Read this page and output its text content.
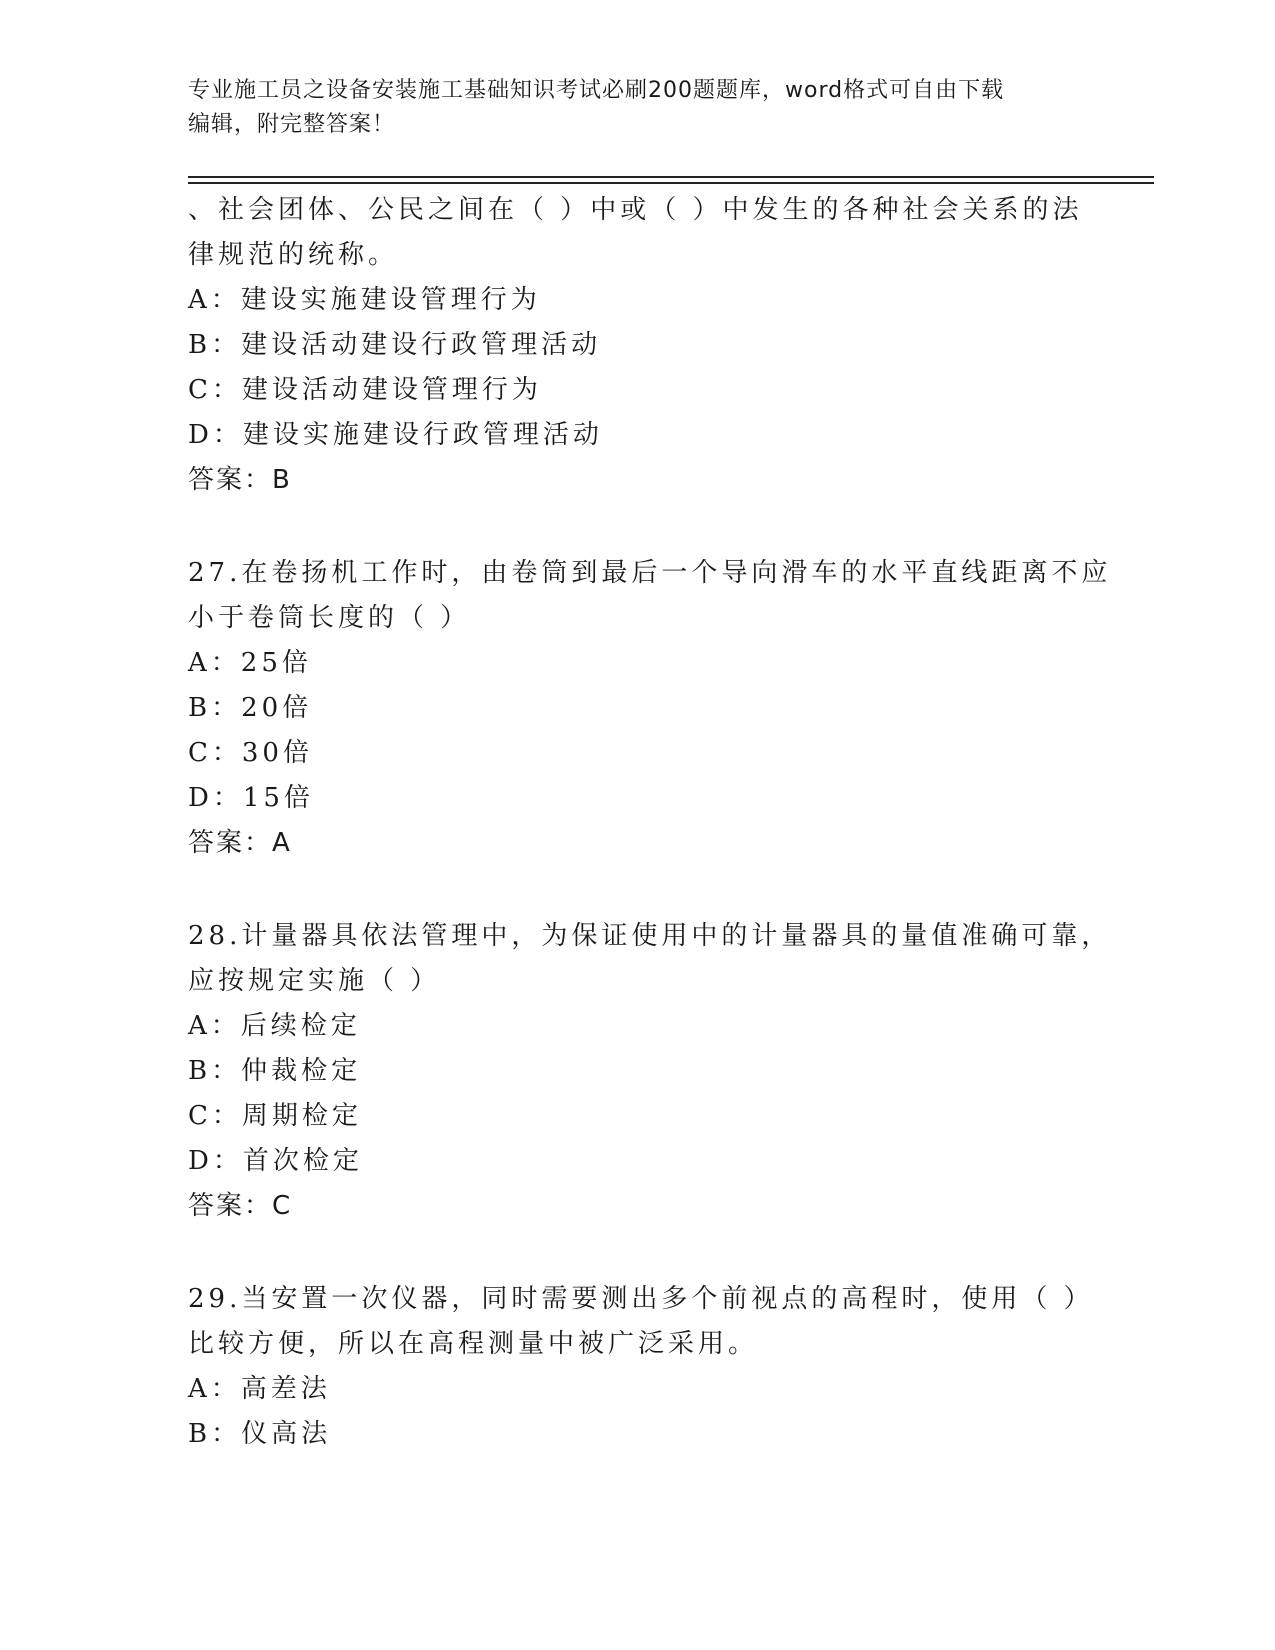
专业施工员之设备安装施工基础知识考试必刷200题题库，word格式可自由下载
编辑，附完整答案！
、社会团体、公民之间在（ ）中或（ ）中发生的各种社会关系的法
律规范的统称。
A：建设实施建设管理行为
B：建设活动建设行政管理活动
C：建设活动建设管理行为
D：建设实施建设行政管理活动
答案：B
27.在卷扬机工作时，由卷筒到最后一个导向滑车的水平直线距离不应
小于卷筒长度的（ ）
A：25倍
B：20倍
C：30倍
D：15倍
答案：A
28.计量器具依法管理中，为保证使用中的计量器具的量值准确可靠，
应按规定实施（ ）
A：后续检定
B：仲裁检定
C：周期检定
D：首次检定
答案：C
29.当安置一次仪器，同时需要测出多个前视点的高程时，使用（ ）
比较方便，所以在高程测量中被广泛采用。
A：高差法
B：仪高法
